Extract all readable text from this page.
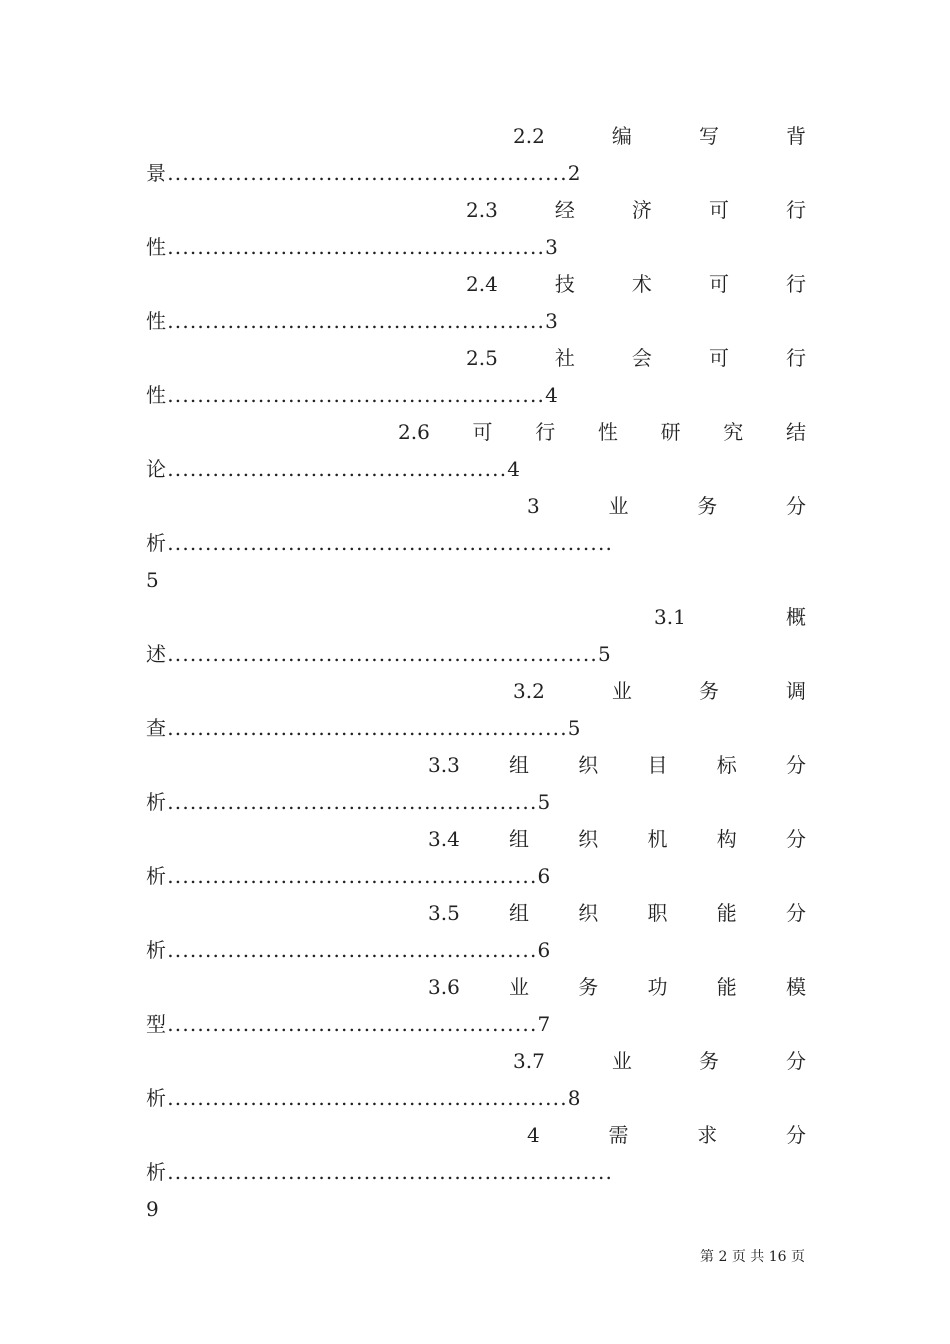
2.2	编	写	背
景.....................................................2
2.3	经	济	可	行
性..................................................3
2.4	技	术	可	行
性..................................................3
2.5	社	会	可	行
性..................................................4
2.6 可 行 性 研 究 结
论.............................................4
3	业	务	分
析...........................................................
5
3.1	概
述.........................................................5
3.2	业	务	调
查.....................................................5
3.3 组 织 目 标 分
析.................................................5
3.4 组 织 机 构 分
析.................................................6
3.5 组 织 职 能 分
析.................................................6
3.6 业 务 功 能 模
型.................................................7
3.7	业	务	分
析.....................................................8
4	需	求	分
析...........................................................
9
第 2 页 共 16 页
